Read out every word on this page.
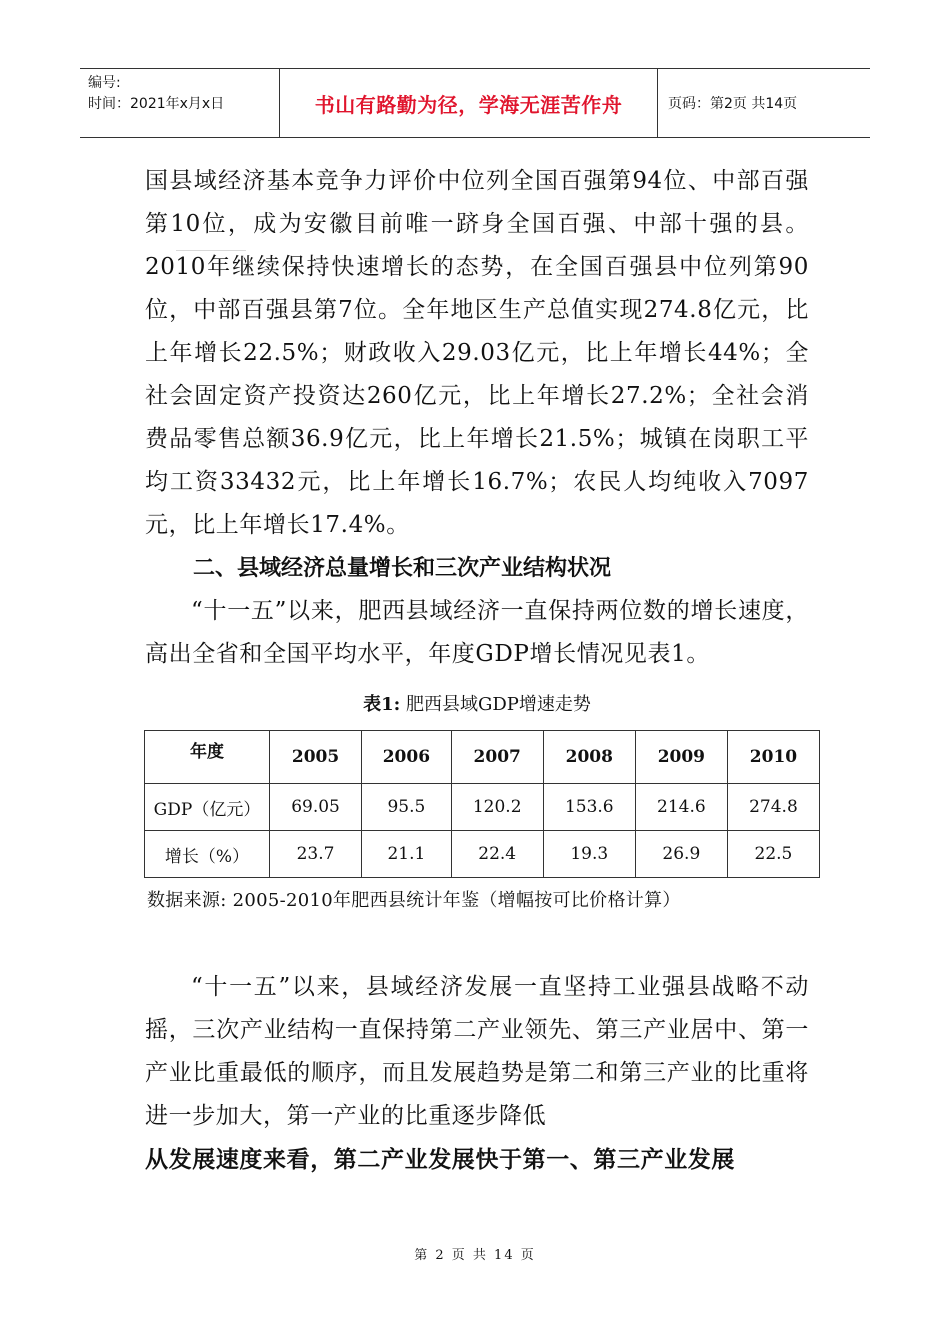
编号:
时间：2021年x月x日	书山有路勤为径，学海无涯苦作舟	页码：第2页 共14页

国县域经济基本竞争力评价中位列全国百强第94位、中部百强第10位，成为安徽目前唯一跻身全国百强、中部十强的县。2010年继续保持快速增长的态势，在全国百强县中位列第90位，中部百强县第7位。全年地区生产总值实现274.8亿元，比上年增长22.5%；财政收入29.03亿元，比上年增长44%；全社会固定资产投资达260亿元，比上年增长27.2%；全社会消费品零售总额36.9亿元，比上年增长21.5%；城镇在岗职工平均工资33432元，比上年增长16.7%；农民人均纯收入7097元，比上年增长17.4%。

二、县域经济总量增长和三次产业结构状况

“十一五”以来，肥西县域经济一直保持两位数的增长速度，高出全省和全国平均水平，年度GDP增长情况见表1。

表1: 肥西县域GDP增速走势
年度	2005	2006	2007	2008	2009	2010
GDP（亿元）	69.05	95.5	120.2	153.6	214.6	274.8
增长（%）	23.7	21.1	22.4	19.3	26.9	22.5
数据来源: 2005-2010年肥西县统计年鉴（增幅按可比价格计算）

“十一五”以来，县域经济发展一直坚持工业强县战略不动摇，三次产业结构一直保持第二产业领先、第三产业居中、第一产业比重最低的顺序，而且发展趋势是第二和第三产业的比重将进一步加大，第一产业的比重逐步降低

从发展速度来看，第二产业发展快于第一、第三产业发展

第 2 页 共 14 页
